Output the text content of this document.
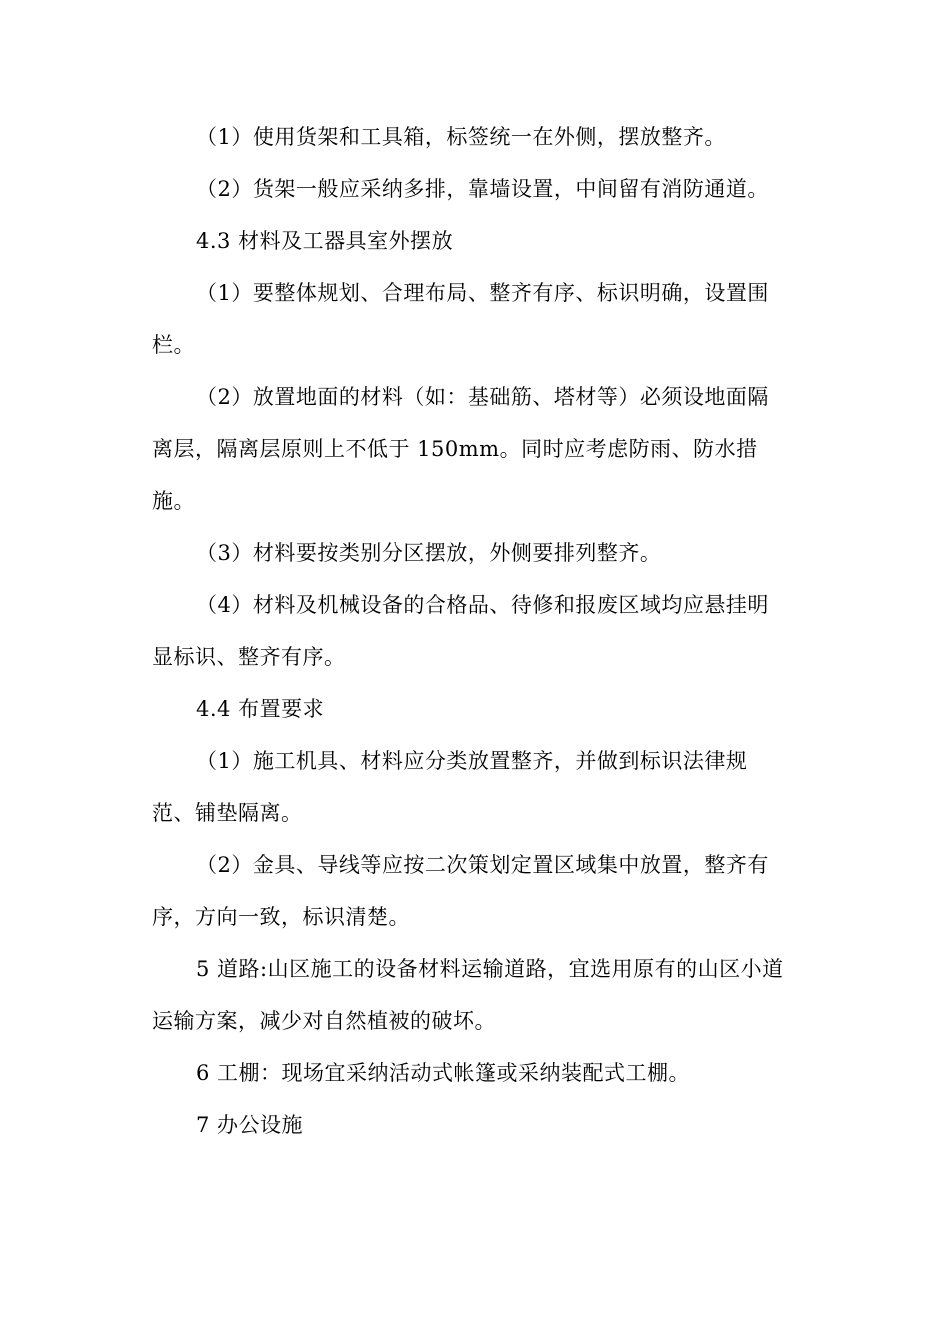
（1）使用货架和工具箱，标签统一在外侧，摆放整齐。
（2）货架一般应采纳多排，靠墙设置，中间留有消防通道。
4.3 材料及工器具室外摆放
（1）要整体规划、合理布局、整齐有序、标识明确，设置围
栏。
（2）放置地面的材料（如：基础筋、塔材等）必须设地面隔
离层，隔离层原则上不低于 150mm。同时应考虑防雨、防水措
施。
（3）材料要按类别分区摆放，外侧要排列整齐。
（4）材料及机械设备的合格品、待修和报废区域均应悬挂明
显标识、整齐有序。
4.4 布置要求
（1）施工机具、材料应分类放置整齐，并做到标识法律规
范、铺垫隔离。
（2）金具、导线等应按二次策划定置区域集中放置，整齐有
序，方向一致，标识清楚。
5 道路:山区施工的设备材料运输道路，宜选用原有的山区小道
运输方案，减少对自然植被的破坏。
6 工棚：现场宜采纳活动式帐篷或采纳装配式工棚。
7 办公设施
